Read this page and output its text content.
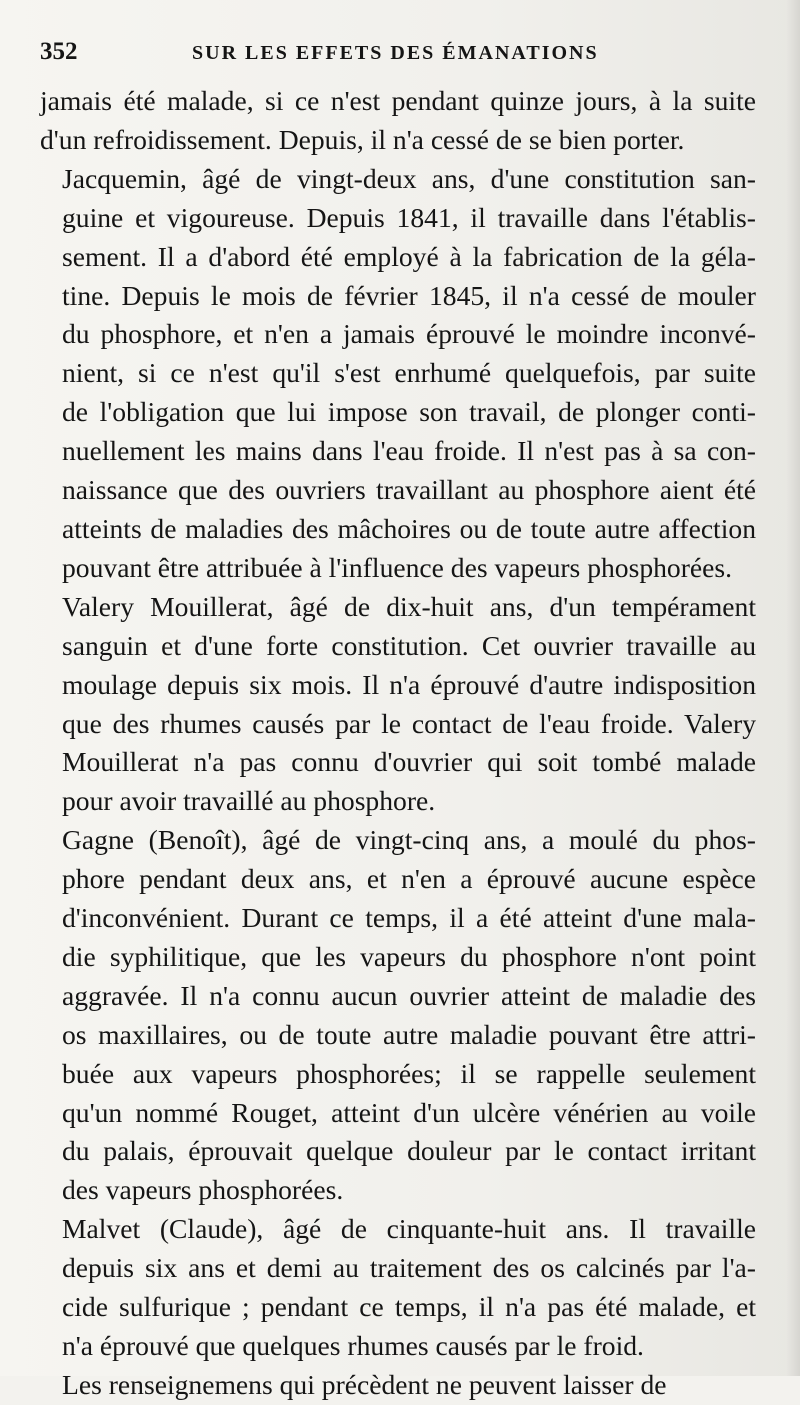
352	SUR LES EFFETS DES ÉMANATIONS

jamais été malade, si ce n'est pendant quinze jours, à la suite
d'un refroidissement. Depuis, il n'a cessé de se bien porter.

Jacquemin, âgé de vingt-deux ans, d'une constitution san-
guine et vigoureuse. Depuis 1841, il travaille dans l'établis-
sement. Il a d'abord été employé à la fabrication de la géla-
tine. Depuis le mois de février 1845, il n'a cessé de mouler
du phosphore, et n'en a jamais éprouvé le moindre inconvé-
nient, si ce n'est qu'il s'est enrhumé quelquefois, par suite
de l'obligation que lui impose son travail, de plonger conti-
nuellement les mains dans l'eau froide. Il n'est pas à sa con-
naissance que des ouvriers travaillant au phosphore aient été
atteints de maladies des mâchoires ou de toute autre affection
pouvant être attribuée à l'influence des vapeurs phosphorées.

Valery Mouillerat, âgé de dix-huit ans, d'un tempérament
sanguin et d'une forte constitution. Cet ouvrier travaille au
moulage depuis six mois. Il n'a éprouvé d'autre indisposition
que des rhumes causés par le contact de l'eau froide. Valery
Mouillerat n'a pas connu d'ouvrier qui soit tombé malade
pour avoir travaillé au phosphore.

Gagne (Benoît), âgé de vingt-cinq ans, a moulé du phos-
phore pendant deux ans, et n'en a éprouvé aucune espèce
d'inconvénient. Durant ce temps, il a été atteint d'une mala-
die syphilitique, que les vapeurs du phosphore n'ont point
aggravée. Il n'a connu aucun ouvrier atteint de maladie des
os maxillaires, ou de toute autre maladie pouvant être attri-
buée aux vapeurs phosphorées; il se rappelle seulement
qu'un nommé Rouget, atteint d'un ulcère vénérien au voile
du palais, éprouvait quelque douleur par le contact irritant
des vapeurs phosphorées.

Malvet (Claude), âgé de cinquante-huit ans. Il travaille
depuis six ans et demi au traitement des os calcinés par l'a-
cide sulfurique ; pendant ce temps, il n'a pas été malade, et
n'a éprouvé que quelques rhumes causés par le froid.

Les renseignemens qui précèdent ne peuvent laisser de
